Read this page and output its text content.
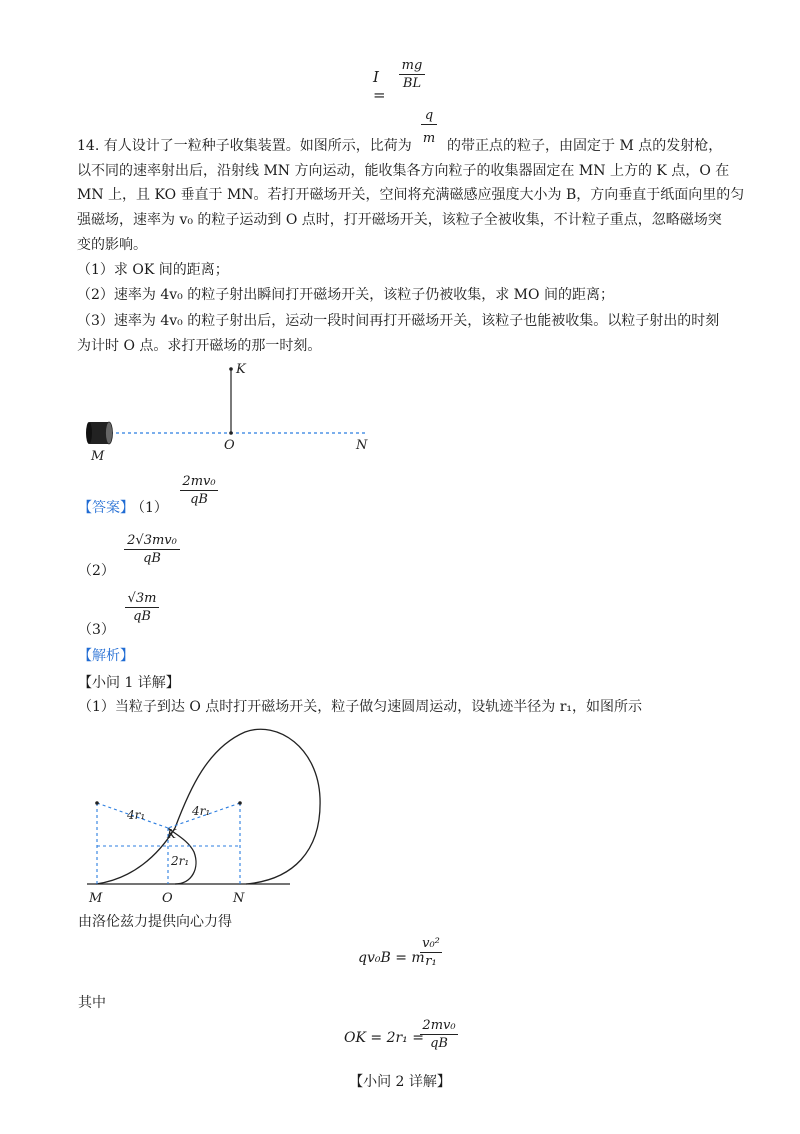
I =
$\frac{mg}{BL}$
14. 有人设计了一粒种子收集装置。如图所示，比荷为 $\frac{q}{m}$ 的带正点的粒子，由固定于 M 点的发射枪，
以不同的速率射出后，沿射线 MN 方向运动，能收集各方向粒子的收集器固定在 MN 上方的 K 点，O 在
MN 上，且 KO 垂直于 MN。若打开磁场开关，空间将充满磁感应强度大小为 B，方向垂直于纸面向里的匀
强磁场，速率为 v₀ 的粒子运动到 O 点时，打开磁场开关，该粒子全被收集，不计粒子重点，忽略磁场突
变的影响。
（1）求 OK 间的距离；
（2）速率为 4v₀ 的粒子射出瞬间打开磁场开关，该粒子仍被收集，求 MO 间的距离；
（3）速率为 4v₀ 的粒子射出后，运动一段时间再打开磁场开关，该粒子也能被收集。以粒子射出的时刻
为计时 O 点。求打开磁场的那一时刻。
K
M
O	N
【答案】
（1）
$\frac{\text{2mv₀}}{qB}$
（2）
$\frac{\text{2√3mv₀}}{qB}$
（3）
$\frac{√3m}{qB}$
【解析】
【小问 1 详解】
（1）当粒子到达 O 点时打开磁场开关，粒子做匀速圆周运动，设轨迹半径为 r₁，如图所示
4r₁	4r₁
K
2r₁
M	O	N
由洛伦兹力提供向心力得
qv₀B = m
$\frac{\text{v₀²}}{\text{r₁}}$
其中
OK = 2r₁ =
$\frac{\text{2mv₀}}{qB}$
【小问 2 详解】
